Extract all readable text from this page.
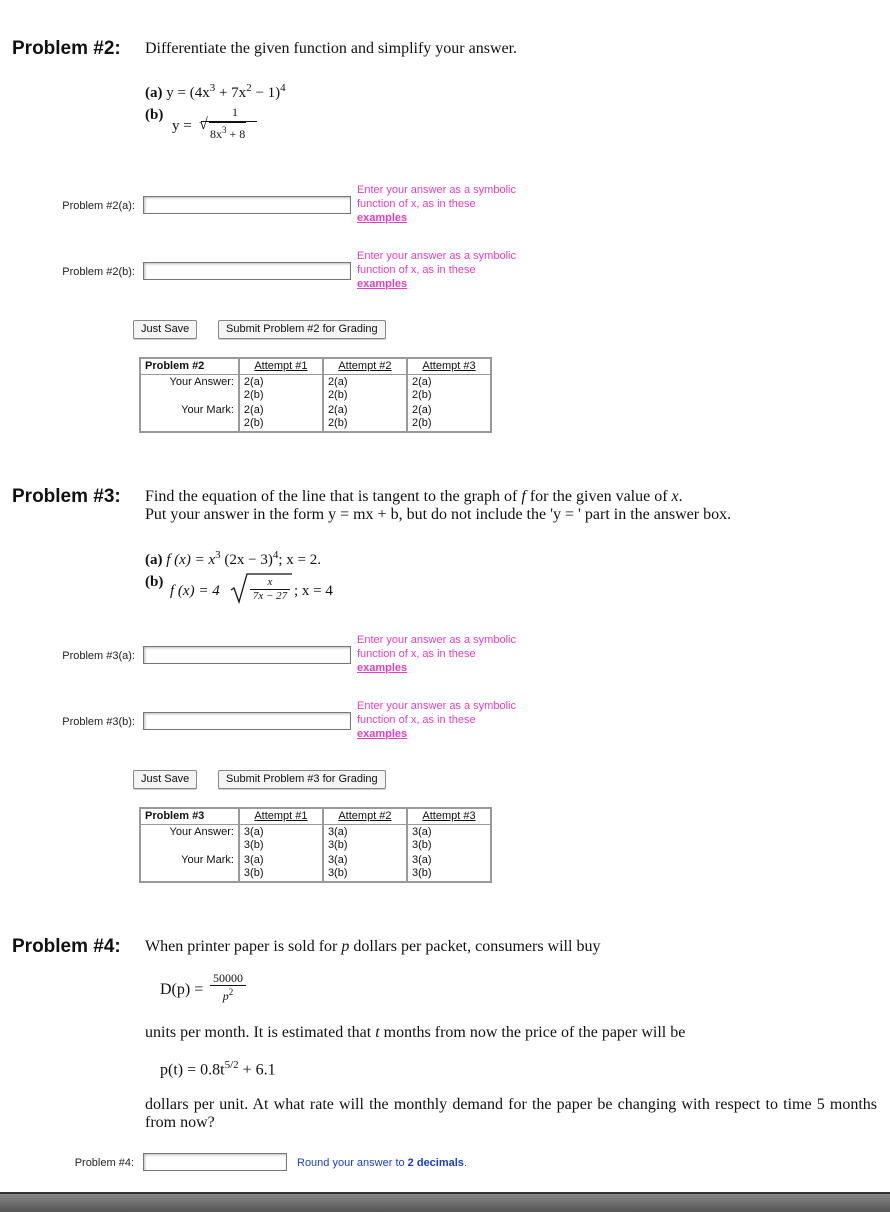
Problem #2: Differentiate the given function and simplify your answer.
(a) $y = (4x^3 + 7x^2 - 1)^4$
(b)
y =
1
√
$8x^3 + 8$
Problem #2(a):
Enter your answer as a symbolic function of x, as in these
examples
Problem #2(b):
Enter your answer as a symbolic function of x, as in these
examples
Just Save	Submit Problem #2 for Grading
Problem #2	Attempt #1	Attempt #2	Attempt #3
Your Answer:	2(a)
2(b)	2(a)
2(b)	2(a)
2(b)
Your Mark:	2(a)
2(b)	2(a)
2(b)	2(a)
2(b)
Problem #3: Find the equation of the line that is tangent to the graph of f for the given value of x.
Put your answer in the form y = mx + b, but do not include the 'y = ' part in the answer box.
(a) f $(x) = x^3$ $(2x - 3)^4$; x = 2.
(b)
f (x) = 4
x
7x − 27 ; x = 4
Problem #3(a):
Enter your answer as a symbolic function of x, as in these
examples
Problem #3(b):
Enter your answer as a symbolic function of x, as in these
examples
Just Save	Submit Problem #3 for Grading
Problem #3	Attempt #1	Attempt #2	Attempt #3
Your Answer:	3(a)
3(b)	3(a)
3(b)	3(a)
3(b)
Your Mark:	3(a)
3(b)	3(a)
3(b)	3(a)
3(b)
Problem #4: When printer paper is sold for p dollars per packet, consumers will buy
D(p) =
50000
$p^2$
units per month. It is estimated that t months from now the price of the paper will be
$p(t) = 0.8t^{5/2} + 6.1$
dollars per unit. At what rate will the monthly demand for the paper be changing with respect to time 5 months from now?
Problem #4:	Round your answer to 2 decimals.
